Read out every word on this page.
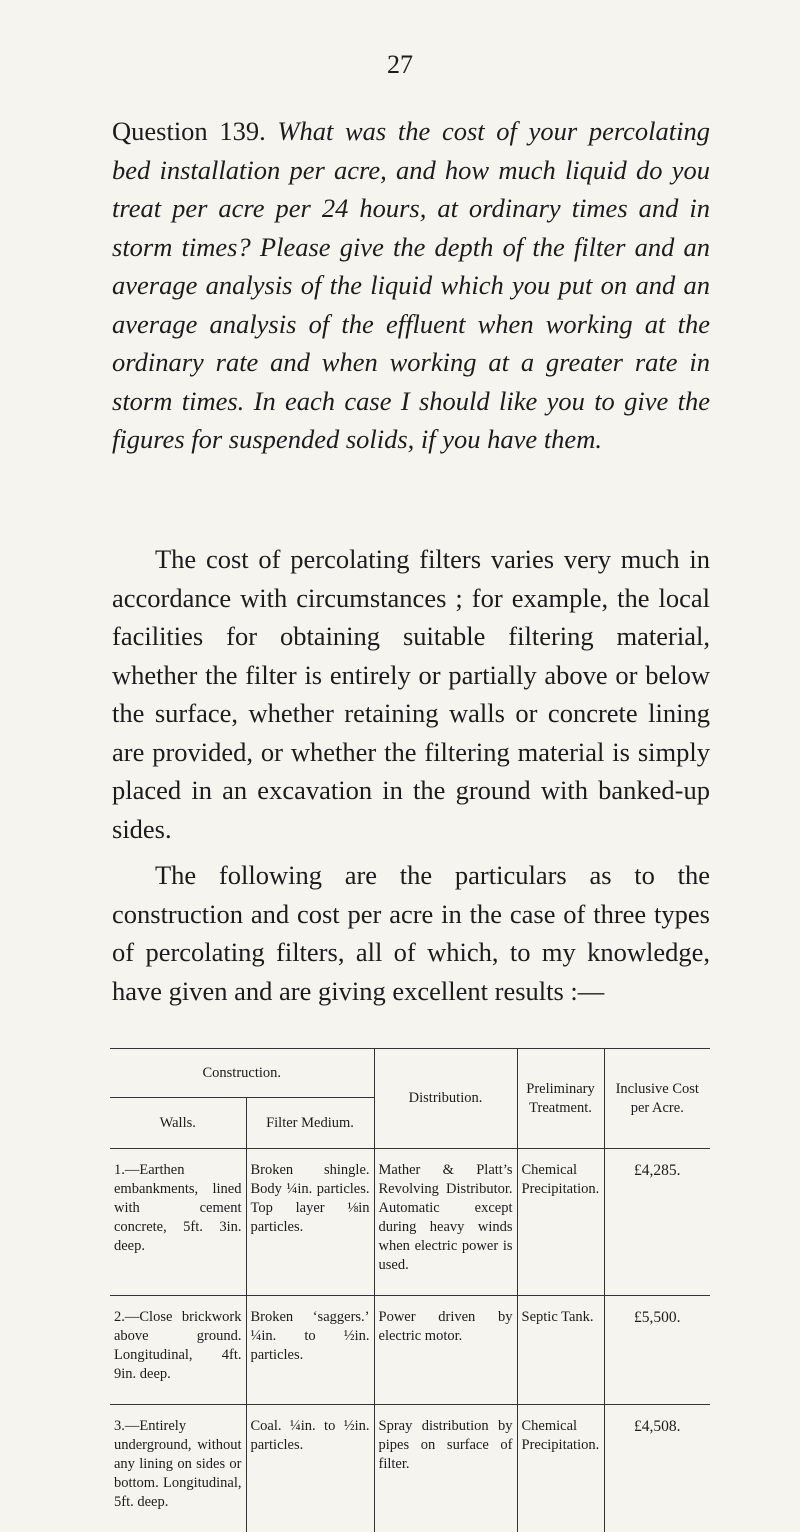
27

Question 139. What was the cost of your percolating bed installation per acre, and how much liquid do you treat per acre per 24 hours, at ordinary times and in storm times? Please give the depth of the filter and an average analysis of the liquid which you put on and an average analysis of the effluent when working at the ordinary rate and when working at a greater rate in storm times. In each case I should like you to give the figures for suspended solids, if you have them.

The cost of percolating filters varies very much in accordance with circumstances ; for example, the local facilities for obtaining suitable filtering material, whether the filter is entirely or partially above or below the surface, whether retaining walls or concrete lining are provided, or whether the filtering material is simply placed in an excavation in the ground with banked-up sides.

The following are the particulars as to the construction and cost per acre in the case of three types of percolating filters, all of which, to my knowledge, have given and are giving excellent results :—

Construction.		Distribution.	Preliminary Treatment.	Inclusive Cost per Acre.
Walls.	Filter Medium.			
1.—Earthen embankments, lined with cement concrete, 5ft. 3in. deep.	Broken shingle. Body ¼in. particles. Top layer ⅛in particles.	Mather & Platt’s Revolving Distributor. Automatic except during heavy winds when electric power is used.	Chemical Precipitation.	£4,285.
2.—Close brickwork above ground. Longitudinal, 4ft. 9in. deep.	Broken ‘saggers.’ ¼in. to ½in. particles.	Power driven by electric motor.	Septic Tank.	£5,500.
3.—Entirely underground, without any lining on sides or bottom. Longitudinal, 5ft. deep.	Coal. ¼in. to ½in. particles.	Spray distribution by pipes on surface of filter.	Chemical Precipitation.	£4,508.
